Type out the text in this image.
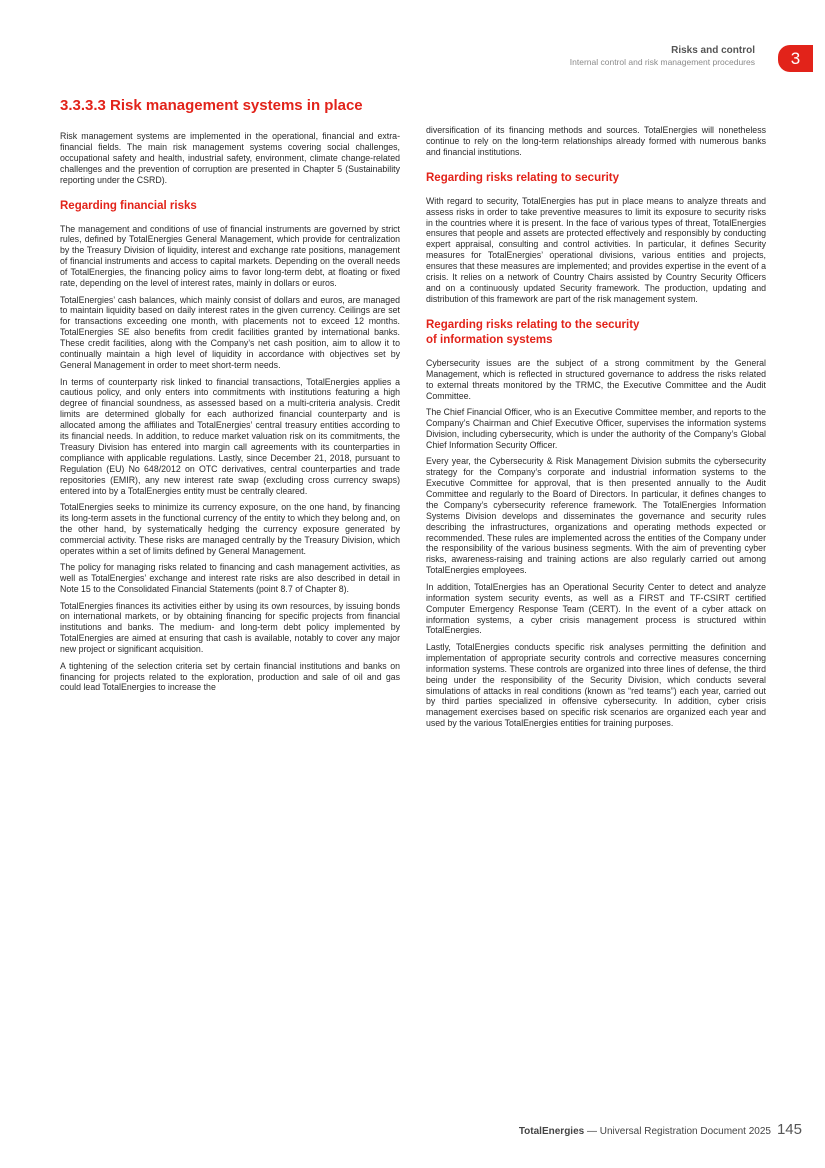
Risks and control
Internal control and risk management procedures	3
3.3.3.3 Risk management systems in place

Risk management systems are implemented in the operational, financial and extra-financial fields. The main risk management systems covering social challenges, occupational safety and health, industrial safety, environment, climate change-related challenges and the prevention of corruption are presented in Chapter 5 (Sustainability reporting under the CSRD).

Regarding financial risks

The management and conditions of use of financial instruments are governed by strict rules, defined by TotalEnergies General Management, which provide for centralization by the Treasury Division of liquidity, interest and exchange rate positions, management of financial instruments and access to capital markets. Depending on the overall needs of TotalEnergies, the financing policy aims to favor long-term debt, at floating or fixed rate, depending on the level of interest rates, mainly in dollars or euros.

TotalEnergies’ cash balances, which mainly consist of dollars and euros, are managed to maintain liquidity based on daily interest rates in the given currency. Ceilings are set for transactions exceeding one month, with placements not to exceed 12 months. TotalEnergies SE also benefits from credit facilities granted by international banks. These credit facilities, along with the Company’s net cash position, aim to allow it to continually maintain a high level of liquidity in accordance with objectives set by General Management in order to meet short-term needs.

In terms of counterparty risk linked to financial transactions, TotalEnergies applies a cautious policy, and only enters into commitments with institutions featuring a high degree of financial soundness, as assessed based on a multi-criteria analysis. Credit limits are determined globally for each authorized financial counterparty and is allocated among the affiliates and TotalEnergies’ central treasury entities according to its financial needs. In addition, to reduce market valuation risk on its commitments, the Treasury Division has entered into margin call agreements with its counterparties in compliance with applicable regulations. Lastly, since December 21, 2018, pursuant to Regulation (EU) No 648/2012 on OTC derivatives, central counterparties and trade repositories (EMIR), any new interest rate swap (excluding cross currency swaps) entered into by a TotalEnergies entity must be centrally cleared.

TotalEnergies seeks to minimize its currency exposure, on the one hand, by financing its long-term assets in the functional currency of the entity to which they belong and, on the other hand, by systematically hedging the currency exposure generated by commercial activity. These risks are managed centrally by the Treasury Division, which operates within a set of limits defined by General Management.

The policy for managing risks related to financing and cash management activities, as well as TotalEnergies’ exchange and interest rate risks are also described in detail in Note 15 to the Consolidated Financial Statements (point 8.7 of Chapter 8).

TotalEnergies finances its activities either by using its own resources, by issuing bonds on international markets, or by obtaining financing for specific projects from financial institutions and banks. The medium- and long-term debt policy implemented by TotalEnergies are aimed at ensuring that cash is available, notably to cover any major new project or significant acquisition.

A tightening of the selection criteria set by certain financial institutions and banks on financing for projects related to the exploration, production and sale of oil and gas could lead TotalEnergies to increase the

diversification of its financing methods and sources. TotalEnergies will nonetheless continue to rely on the long-term relationships already formed with numerous banks and financial institutions.

Regarding risks relating to security

With regard to security, TotalEnergies has put in place means to analyze threats and assess risks in order to take preventive measures to limit its exposure to security risks in the countries where it is present. In the face of various types of threat, TotalEnergies ensures that people and assets are protected effectively and responsibly by conducting expert appraisal, consulting and control activities. In particular, it defines Security measures for TotalEnergies’ operational divisions, various entities and projects, ensures that these measures are implemented; and provides expertise in the event of a crisis. It relies on a network of Country Chairs assisted by Country Security Officers and on a continuously updated Security framework. The production, updating and distribution of this framework are part of the risk management system.

Regarding risks relating to the security
of information systems

Cybersecurity issues are the subject of a strong commitment by the General Management, which is reflected in structured governance to address the risks related to external threats monitored by the TRMC, the Executive Committee and the Audit Committee.

The Chief Financial Officer, who is an Executive Committee member, and reports to the Company’s Chairman and Chief Executive Officer, supervises the information systems Division, including cybersecurity, which is under the authority of the Company’s Global Chief Information Security Officer.

Every year, the Cybersecurity & Risk Management Division submits the cybersecurity strategy for the Company’s corporate and industrial information systems to the Executive Committee for approval, that is then presented annually to the Audit Committee and regularly to the Board of Directors. In particular, it defines changes to the Company’s cybersecurity reference framework. The TotalEnergies Information Systems Division develops and disseminates the governance and security rules describing the infrastructures, organizations and operating methods expected or recommended. These rules are implemented across the entities of the Company under the responsibility of the various business segments. With the aim of preventing cyber risks, awareness-raising and training actions are also regularly carried out among TotalEnergies employees.

In addition, TotalEnergies has an Operational Security Center to detect and analyze information system security events, as well as a FIRST and TF-CSIRT certified Computer Emergency Response Team (CERT). In the event of a cyber attack on information systems, a cyber crisis management process is structured within TotalEnergies.

Lastly, TotalEnergies conducts specific risk analyses permitting the definition and implementation of appropriate security controls and corrective measures concerning information systems. These controls are organized into three lines of defense, the third being under the responsibility of the Security Division, which conducts several simulations of attacks in real conditions (known as “red teams”) each year, carried out by third parties specialized in offensive cybersecurity. In addition, cyber crisis management exercises based on specific risk scenarios are organized each year and used by the various TotalEnergies entities for training purposes.

TotalEnergies — Universal Registration Document 2025 145
